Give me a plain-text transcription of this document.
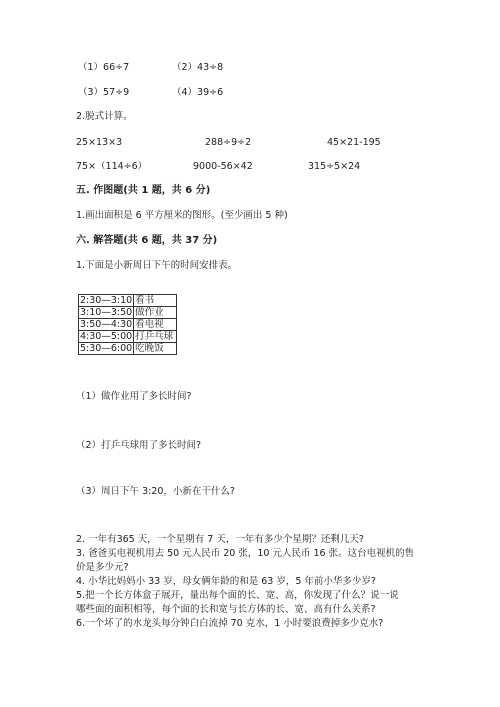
（1）66÷7	（2）43÷8
（3）57÷9	（4）39÷6
2.脱式计算。
25×13×3	288÷9÷2	45×21-195
75×（114÷6）	9000-56×42	315÷5×24
五. 作图题(共 1 题，共 6 分)
1.画出面积是 6 平方厘米的图形。(至少画出 5 种)
六. 解答题(共 6 题，共 37 分)
1.下面是小新周日下午的时间安排表。
2:30—3:10	看书
3:10—3:50	做作业
3:50—4:30	看电视
4:30—5:00	打乒乓球
5:30—6:00	吃晚饭
（1）做作业用了多长时间?
（2）打乒乓球用了多长时间?
（3）周日下午 3:20，小新在干什么?
2. 一年有365 天，一个星期有 7 天，一年有多少个星期？还剩几天?
3. 爸爸买电视机用去 50 元人民币 20 张，10 元人民币 16 张。这台电视机的售
价是多少元?
4. 小华比妈妈小 33 岁，母女俩年龄的和是 63 岁，5 年前小华多少岁?
5.把一个长方体盒子展开，量出每个面的长、宽、高，你发现了什么？说一说
哪些面的面积相等，每个面的长和宽与长方体的长、宽、高有什么关系?
6.一个坏了的水龙头每分钟白白流掉 70 克水，1 小时要浪费掉多少克水?
